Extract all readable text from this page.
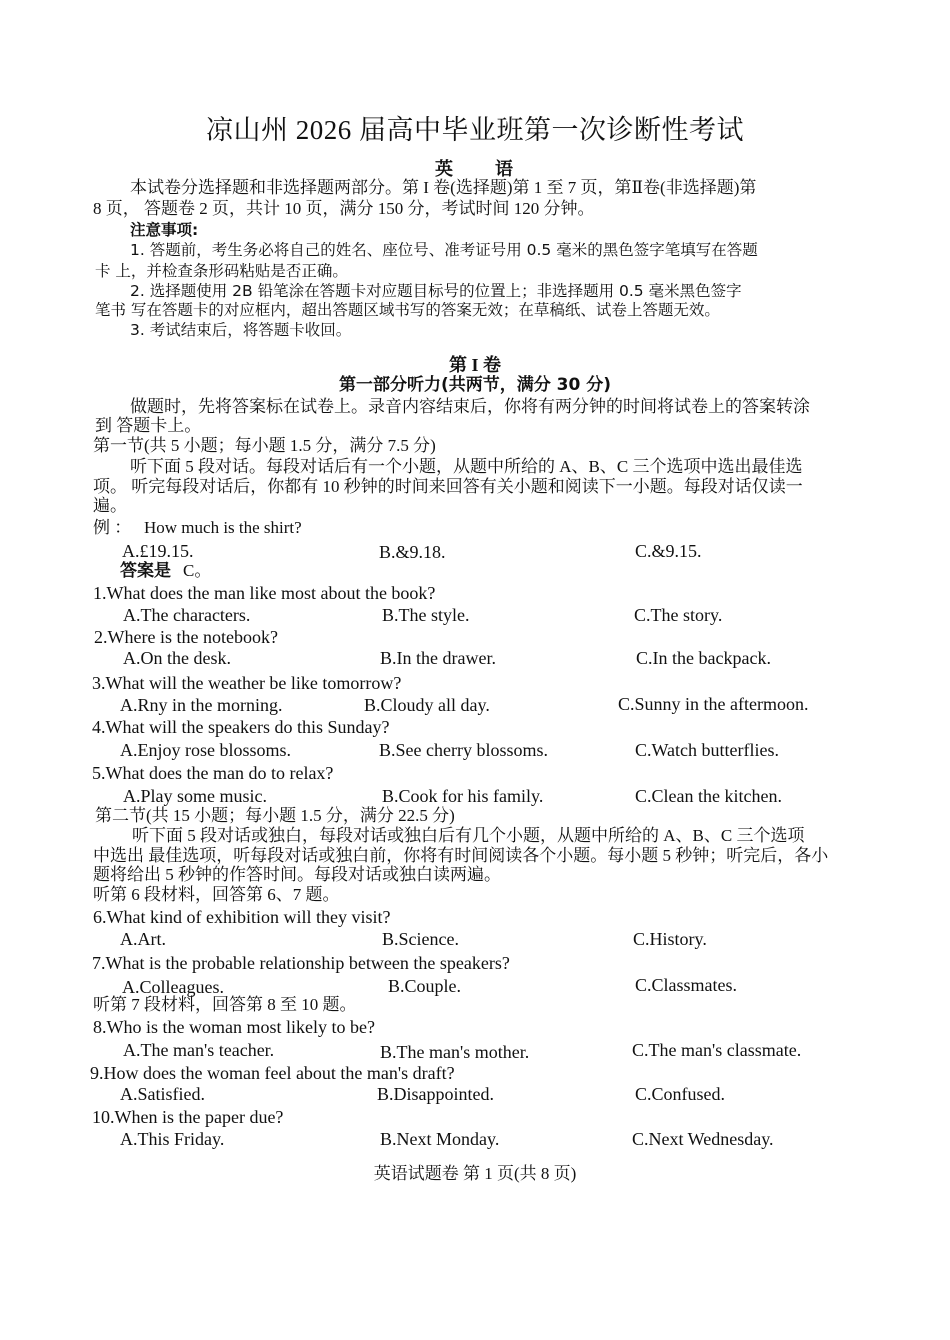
凉山州 2026 届高中毕业班第一次诊断性考试
英　　语
本试卷分选择题和非选择题两部分。第 I 卷(选择题)第 1 至 7 页，第Ⅱ卷(非选择题)第
8 页， 答题卷 2 页，共计 10 页，满分 150 分，考试时间 120 分钟。
注意事项:
1. 答题前，考生务必将自己的姓名、座位号、准考证号用 0.5 毫米的黑色签字笔填写在答题
卡 上，并检查条形码粘贴是否正确。
2. 选择题使用 2B 铅笔涂在答题卡对应题目标号的位置上；非选择题用 0.5 毫米黑色签字
笔书 写在答题卡的对应框内，超出答题区域书写的答案无效；在草稿纸、试卷上答题无效。
3. 考试结束后，将答题卡收回。
第 I 卷
第一部分听力(共两节，满分 30 分)
做题时，先将答案标在试卷上。录音内容结束后，你将有两分钟的时间将试卷上的答案转涂
到 答题卡上。
第一节(共 5 小题；每小题 1.5 分，满分 7.5 分)
听下面 5 段对话。每段对话后有一个小题，从题中所给的 A、B、C 三个选项中选出最佳选
项。 听完每段对话后，你都有 10 秒钟的时间来回答有关小题和阅读下一小题。每段对话仅读一
遍。
例 ： How much is the shirt?
A.£19.15.	B.&9.18.	C.&9.15.
答案是 C。
1.What does the man like most about the book?
A.The characters.	B.The style.	C.The story.
2.Where is the notebook?
A.On the desk.	B.In the drawer.	C.In the backpack.
3.What will the weather be like tomorrow?
A.Rny in the morning.	B.Cloudy all day.	C.Sunny in the aftermoon.
4.What will the speakers do this Sunday?
A.Enjoy rose blossoms.	B.See cherry blossoms.	C.Watch butterflies.
5.What does the man do to relax?
A.Play some music.	B.Cook for his family.	C.Clean the kitchen.
第二节(共 15 小题；每小题 1.5 分，满分 22.5 分)
听下面 5 段对话或独白，每段对话或独白后有几个小题，从题中所给的 A、B、C 三个选项
中选出 最佳选项，听每段对话或独白前，你将有时间阅读各个小题。每小题 5 秒钟；听完后，各小
题将给出 5 秒钟的作答时间。每段对话或独白读两遍。
听第 6 段材料，回答第 6、7 题。
6.What kind of exhibition will they visit?
A.Art.	B.Science.	C.History.
7.What is the probable relationship between the speakers?
A.Colleagues.	B.Couple.	C.Classmates.
听第 7 段材料，回答第 8 至 10 题。
8.Who is the woman most likely to be?
A.The man's teacher.	B.The man's mother.	C.The man's classmate.
9.How does the woman feel about the man's draft?
A.Satisfied.	B.Disappointed.	C.Confused.
10.When is the paper due?
A.This Friday.	B.Next Monday.	C.Next Wednesday.
英语试题卷 第 1 页(共 8 页)
